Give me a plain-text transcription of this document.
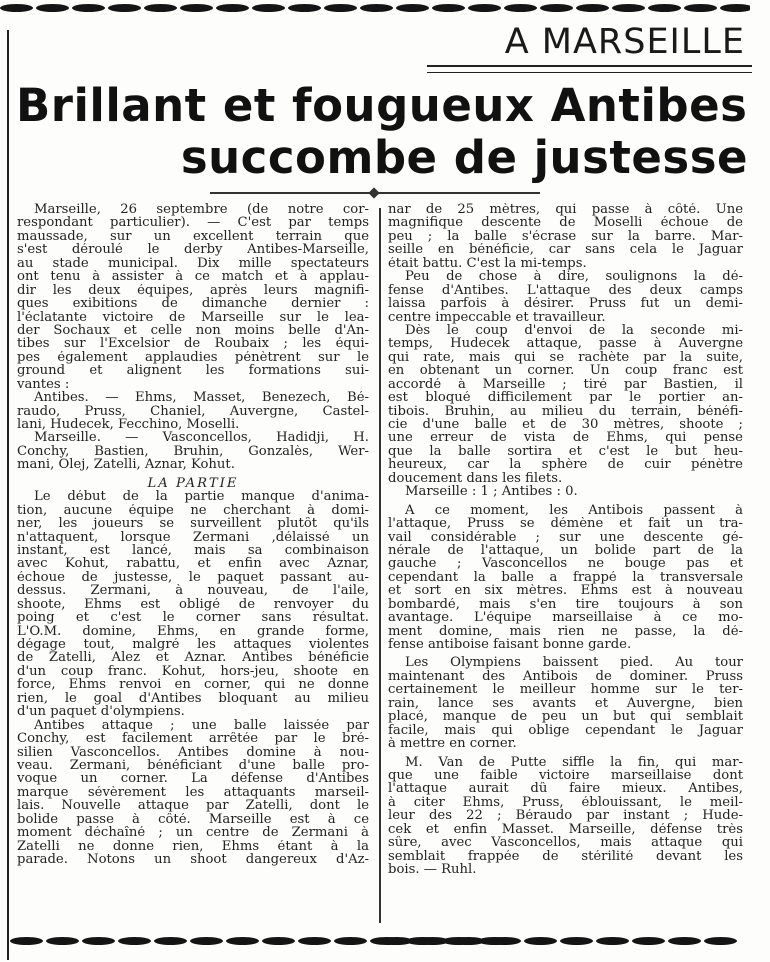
A MARSEILLE
Brillant et fougueux Antibes
succombe de justesse
Marseille, 26 septembre (de notre cor-
respondant particulier). — C'est par temps
maussade, sur un excellent terrain que
s'est déroulé le derby Antibes-Marseille,
au stade municipal. Dix mille spectateurs
ont tenu à assister à ce match et à applau-
dir les deux équipes, après leurs magnifi-
ques exibitions de dimanche dernier :
l'éclatante victoire de Marseille sur le lea-
der Sochaux et celle non moins belle d'An-
tibes sur l'Excelsior de Roubaix ; les équi-
pes également applaudies pénètrent sur le
ground et alignent les formations sui-
vantes :
Antibes. — Ehms, Masset, Benezech, Bé-
raudo, Pruss, Chaniel, Auvergne, Castel-
lani, Hudecek, Fecchino, Moselli.
Marseille. — Vasconcellos, Hadidji, H.
Conchy, Bastien, Bruhin, Gonzalès, Wer-
mani, Olej, Zatelli, Aznar, Kohut.
LA PARTIE
Le début de la partie manque d'anima-
tion, aucune équipe ne cherchant à domi-
ner, les joueurs se surveillent plutôt qu'ils
n'attaquent, lorsque Zermani ,délaissé un
instant, est lancé, mais sa combinaison
avec Kohut, rabattu, et enfin avec Aznar,
échoue de justesse, le paquet passant au-
dessus. Zermani, à nouveau, de l'aile,
shoote, Ehms est obligé de renvoyer du
poing et c'est le corner sans résultat.
L'O.M. domine, Ehms, en grande forme,
dégage tout, malgré les attaques violentes
de Zatelli, Alez et Aznar. Antibes bénéficie
d'un coup franc. Kohut, hors-jeu, shoote en
force, Ehms renvoi en corner, qui ne donne
rien, le goal d'Antibes bloquant au milieu
d'un paquet d'olympiens.
Antibes attaque ; une balle laissée par
Conchy, est facilement arrêtée par le bré-
silien Vasconcellos. Antibes domine à nou-
veau. Zermani, bénéficiant d'une balle pro-
voque un corner. La défense d'Antibes
marque sévèrement les attaquants marseil-
lais. Nouvelle attaque par Zatelli, dont le
bolide passe à côté. Marseille est à ce
moment déchaîné ; un centre de Zermani à
Zatelli ne donne rien, Ehms étant à la
parade. Notons un shoot dangereux d'Az-
nar de 25 mètres, qui passe à côté. Une
magnifique descente de Moselli échoue de
peu ; la balle s'écrase sur la barre. Mar-
seille en bénéficie, car sans cela le Jaguar
était battu. C'est la mi-temps.
Peu de chose à dire, soulignons la dé-
fense d'Antibes. L'attaque des deux camps
laissa parfois à désirer. Pruss fut un demi-
centre impeccable et travailleur.
Dès le coup d'envoi de la seconde mi-
temps, Hudecek attaque, passe à Auvergne
qui rate, mais qui se rachète par la suite,
en obtenant un corner. Un coup franc est
accordé à Marseille ; tiré par Bastien, il
est bloqué difficilement par le portier an-
tibois. Bruhin, au milieu du terrain, bénéfi-
cie d'une balle et de 30 mètres, shoote ;
une erreur de vista de Ehms, qui pense
que la balle sortira et c'est le but heu-
heureux, car la sphère de cuir pénètre
doucement dans les filets.
Marseille : 1 ; Antibes : 0.
A ce moment, les Antibois passent à
l'attaque, Pruss se démène et fait un tra-
vail considérable ; sur une descente gé-
nérale de l'attaque, un bolide part de la
gauche ; Vasconcellos ne bouge pas et
cependant la balle a frappé la transversale
et sort en six mètres. Ehms est à nouveau
bombardé, mais s'en tire toujours à son
avantage. L'équipe marseillaise à ce mo-
ment domine, mais rien ne passe, la dé-
fense antiboise faisant bonne garde.
Les Olympiens baissent pied. Au tour
maintenant des Antibois de dominer. Pruss
certainement le meilleur homme sur le ter-
rain, lance ses avants et Auvergne, bien
placé, manque de peu un but qui semblait
facile, mais qui oblige cependant le Jaguar
à mettre en corner.
M. Van de Putte siffle la fin, qui mar-
que une faible victoire marseillaise dont
l'attaque aurait dû faire mieux. Antibes,
à citer Ehms, Pruss, éblouissant, le meil-
leur des 22 ; Béraudo par instant ; Hude-
cek et enfin Masset. Marseille, défense très
sûre, avec Vasconcellos, mais attaque qui
semblait frappée de stérilité devant les
bois. — Ruhl.
